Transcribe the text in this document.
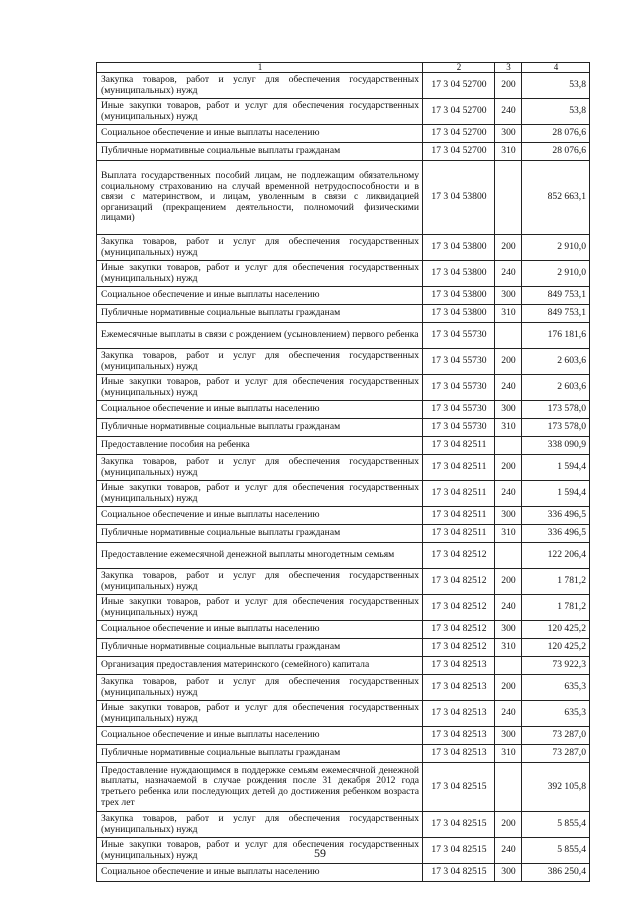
1	2	3	4
Закупка товаров, работ и услуг для обеспечения государственных (муниципальных) нужд	17 3 04 52700	200	53,8
Иные закупки товаров, работ и услуг для обеспечения государственных (муниципальных) нужд	17 3 04 52700	240	53,8
Социальное обеспечение и иные выплаты населению	17 3 04 52700	300	28 076,6
Публичные нормативные социальные выплаты гражданам	17 3 04 52700	310	28 076,6
Выплата государственных пособий лицам, не подлежащим обязательному социальному страхованию на случай временной нетрудоспособности и в связи с материнством, и лицам, уволенным в связи с ликвидацией организаций (прекращением деятельности, полномочий физическими лицами)	17 3 04 53800		852 663,1
Закупка товаров, работ и услуг для обеспечения государственных (муниципальных) нужд	17 3 04 53800	200	2 910,0
Иные закупки товаров, работ и услуг для обеспечения государственных (муниципальных) нужд	17 3 04 53800	240	2 910,0
Социальное обеспечение и иные выплаты населению	17 3 04 53800	300	849 753,1
Публичные нормативные социальные выплаты гражданам	17 3 04 53800	310	849 753,1
Ежемесячные выплаты в связи с рождением (усыновлением) первого ребенка	17 3 04 55730		176 181,6
Закупка товаров, работ и услуг для обеспечения государственных (муниципальных) нужд	17 3 04 55730	200	2 603,6
Иные закупки товаров, работ и услуг для обеспечения государственных (муниципальных) нужд	17 3 04 55730	240	2 603,6
Социальное обеспечение и иные выплаты населению	17 3 04 55730	300	173 578,0
Публичные нормативные социальные выплаты гражданам	17 3 04 55730	310	173 578,0
Предоставление пособия на ребенка	17 3 04 82511		338 090,9
Закупка товаров, работ и услуг для обеспечения государственных (муниципальных) нужд	17 3 04 82511	200	1 594,4
Иные закупки товаров, работ и услуг для обеспечения государственных (муниципальных) нужд	17 3 04 82511	240	1 594,4
Социальное обеспечение и иные выплаты населению	17 3 04 82511	300	336 496,5
Публичные нормативные социальные выплаты гражданам	17 3 04 82511	310	336 496,5
Предоставление ежемесячной денежной выплаты многодетным семьям	17 3 04 82512		122 206,4
Закупка товаров, работ и услуг для обеспечения государственных (муниципальных) нужд	17 3 04 82512	200	1 781,2
Иные закупки товаров, работ и услуг для обеспечения государственных (муниципальных) нужд	17 3 04 82512	240	1 781,2
Социальное обеспечение и иные выплаты населению	17 3 04 82512	300	120 425,2
Публичные нормативные социальные выплаты гражданам	17 3 04 82512	310	120 425,2
Организация предоставления материнского (семейного) капитала	17 3 04 82513		73 922,3
Закупка товаров, работ и услуг для обеспечения государственных (муниципальных) нужд	17 3 04 82513	200	635,3
Иные закупки товаров, работ и услуг для обеспечения государственных (муниципальных) нужд	17 3 04 82513	240	635,3
Социальное обеспечение и иные выплаты населению	17 3 04 82513	300	73 287,0
Публичные нормативные социальные выплаты гражданам	17 3 04 82513	310	73 287,0
Предоставление нуждающимся в поддержке семьям ежемесячной денежной выплаты, назначаемой в случае рождения после 31 декабря 2012 года третьего ребенка или последующих детей до достижения ребенком возраста трех лет	17 3 04 82515		392 105,8
Закупка товаров, работ и услуг для обеспечения государственных (муниципальных) нужд	17 3 04 82515	200	5 855,4
Иные закупки товаров, работ и услуг для обеспечения государственных (муниципальных) нужд	17 3 04 82515	240	5 855,4
Социальное обеспечение и иные выплаты населению	17 3 04 82515	300	386 250,4
59
